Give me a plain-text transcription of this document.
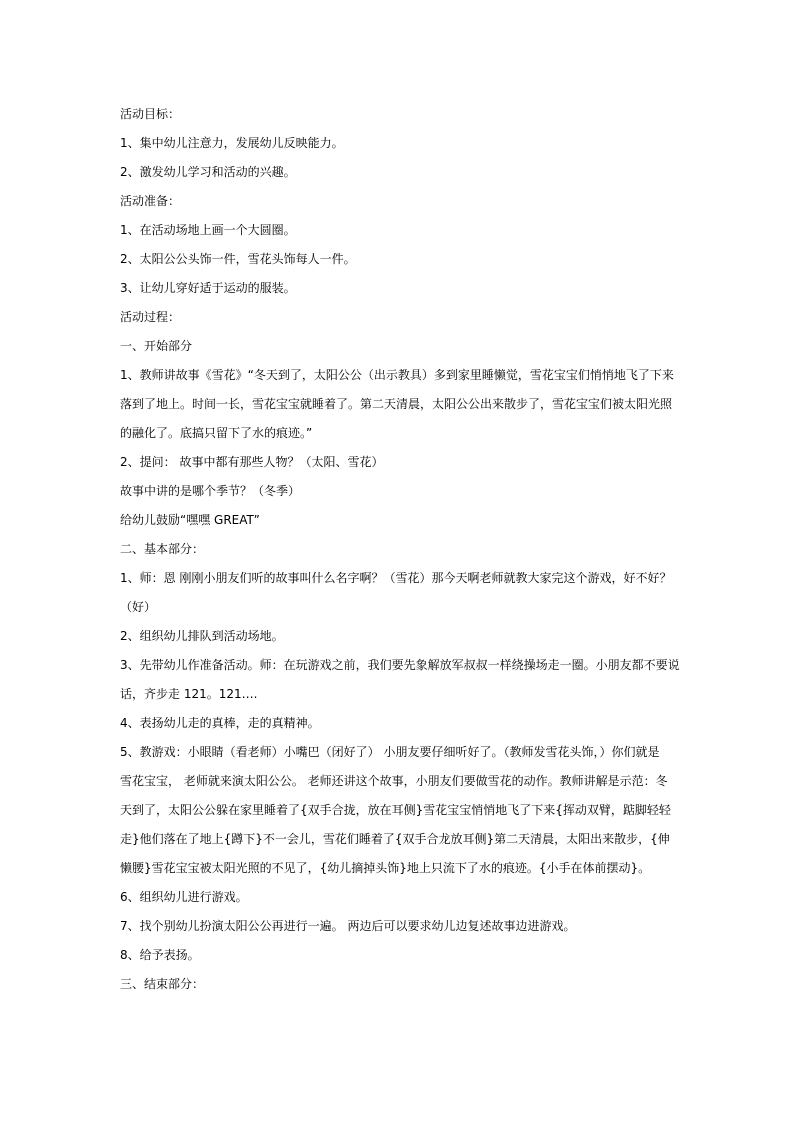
活动目标：
1、集中幼儿注意力，发展幼儿反映能力。
2、激发幼儿学习和活动的兴趣。
活动准备：
1、在活动场地上画一个大圆圈。
2、太阳公公头饰一件，雪花头饰每人一件。
3、让幼儿穿好适于运动的服装。
活动过程：
一、开始部分
1、教师讲故事《雪花》“冬天到了，太阳公公（出示教具）多到家里睡懒觉，雪花宝宝们悄悄地飞了下来
落到了地上。时间一长，雪花宝宝就睡着了。第二天清晨，太阳公公出来散步了，雪花宝宝们被太阳光照
的融化了。底搞只留下了水的痕迹。”
2、提问： 故事中都有那些人物？（太阳、雪花）
故事中讲的是哪个季节？（冬季）
给幼儿鼓励“嘿嘿 GREAT”
二、基本部分：
1、师：恩 刚刚小朋友们听的故事叫什么名字啊？（雪花）那今天啊老师就教大家完这个游戏，好不好？
（好）
2、组织幼儿排队到活动场地。
3、先带幼儿作准备活动。师：在玩游戏之前，我们要先象解放军叔叔一样绕操场走一圈。小朋友都不要说
话，齐步走 121。121….
4、表扬幼儿走的真棒，走的真精神。
5、教游戏：小眼睛（看老师）小嘴巴（闭好了） 小朋友要仔细听好了。（教师发雪花头饰，）你们就是
雪花宝宝， 老师就来演太阳公公。 老师还讲这个故事，小朋友们要做雪花的动作。教师讲解是示范：冬
天到了，太阳公公躲在家里睡着了{双手合拢，放在耳侧}雪花宝宝悄悄地飞了下来{挥动双臂，踮脚轻轻
走}他们落在了地上{蹲下}不一会儿，雪花们睡着了{双手合龙放耳侧}第二天清晨，太阳出来散步，{伸
懒腰}雪花宝宝被太阳光照的不见了，{幼儿摘掉头饰}地上只流下了水的痕迹。{小手在体前摆动}。
6、组织幼儿进行游戏。
7、找个别幼儿扮演太阳公公再进行一遍。 两边后可以要求幼儿边复述故事边进游戏。
8、给予表扬。
三、结束部分：
